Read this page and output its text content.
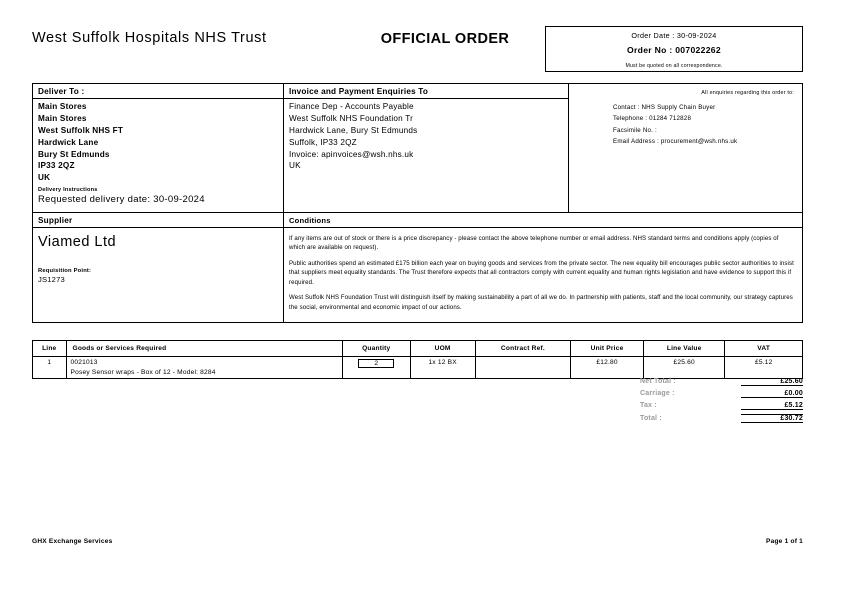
West Suffolk Hospitals NHS Trust	OFFICIAL ORDER	Order Date : 30-09-2024
Order No : 007022262
Must be quoted on all correspondence.
Deliver To :
Main Stores
Main Stores
West Suffolk NHS FT
Hardwick Lane
Bury St Edmunds
IP33 2QZ
UK
Delivery Instructions
Requested delivery date: 30-09-2024
Invoice and Payment Enquiries To
Finance Dep - Accounts Payable
West Suffolk NHS Foundation Tr
Hardwick Lane, Bury St Edmunds
Suffolk, IP33 2QZ
Invoice: apinvoices@wsh.nhs.uk
UK
All enquiries regarding this order to:
Contact : NHS Supply Chain Buyer
Telephone : 01284 712828
Facsimile No. :
Email Address : procurement@wsh.nhs.uk
Supplier
Viamed Ltd
Requisition Point:
JS1273
Conditions
If any items are out of stock or there is a price discrepancy - please contact the above telephone number or email address. NHS standard terms and conditions apply (copies of which are available on request).
Public authorities spend an estimated £175 billion each year on buying goods and services from the private sector. The new equality bill encourages public sector authorities to insist that suppliers meet equality standards. The Trust therefore expects that all contractors comply with current equality and human rights legislation and have evidence to support this if required.
West Suffolk NHS Foundation Trust will distinguish itself by making sustainability a part of all we do. In partnership with patients, staff and the local community, our strategy captures the social, environmental and economic impact of our actions.
Line	Goods or Services Required	Quantity	UOM	Contract Ref.	Unit Price	Line Value	VAT
1	0021013
Posey Sensor wraps - Box of 12 - Model: 8284	2	1x 12 BX		£12.80	£25.60	£5.12
Net Total :	£25.60
Carriage :	£0.00
Tax :	£5.12
Total :	£30.72
GHX Exchange Services	Page 1 of 1
